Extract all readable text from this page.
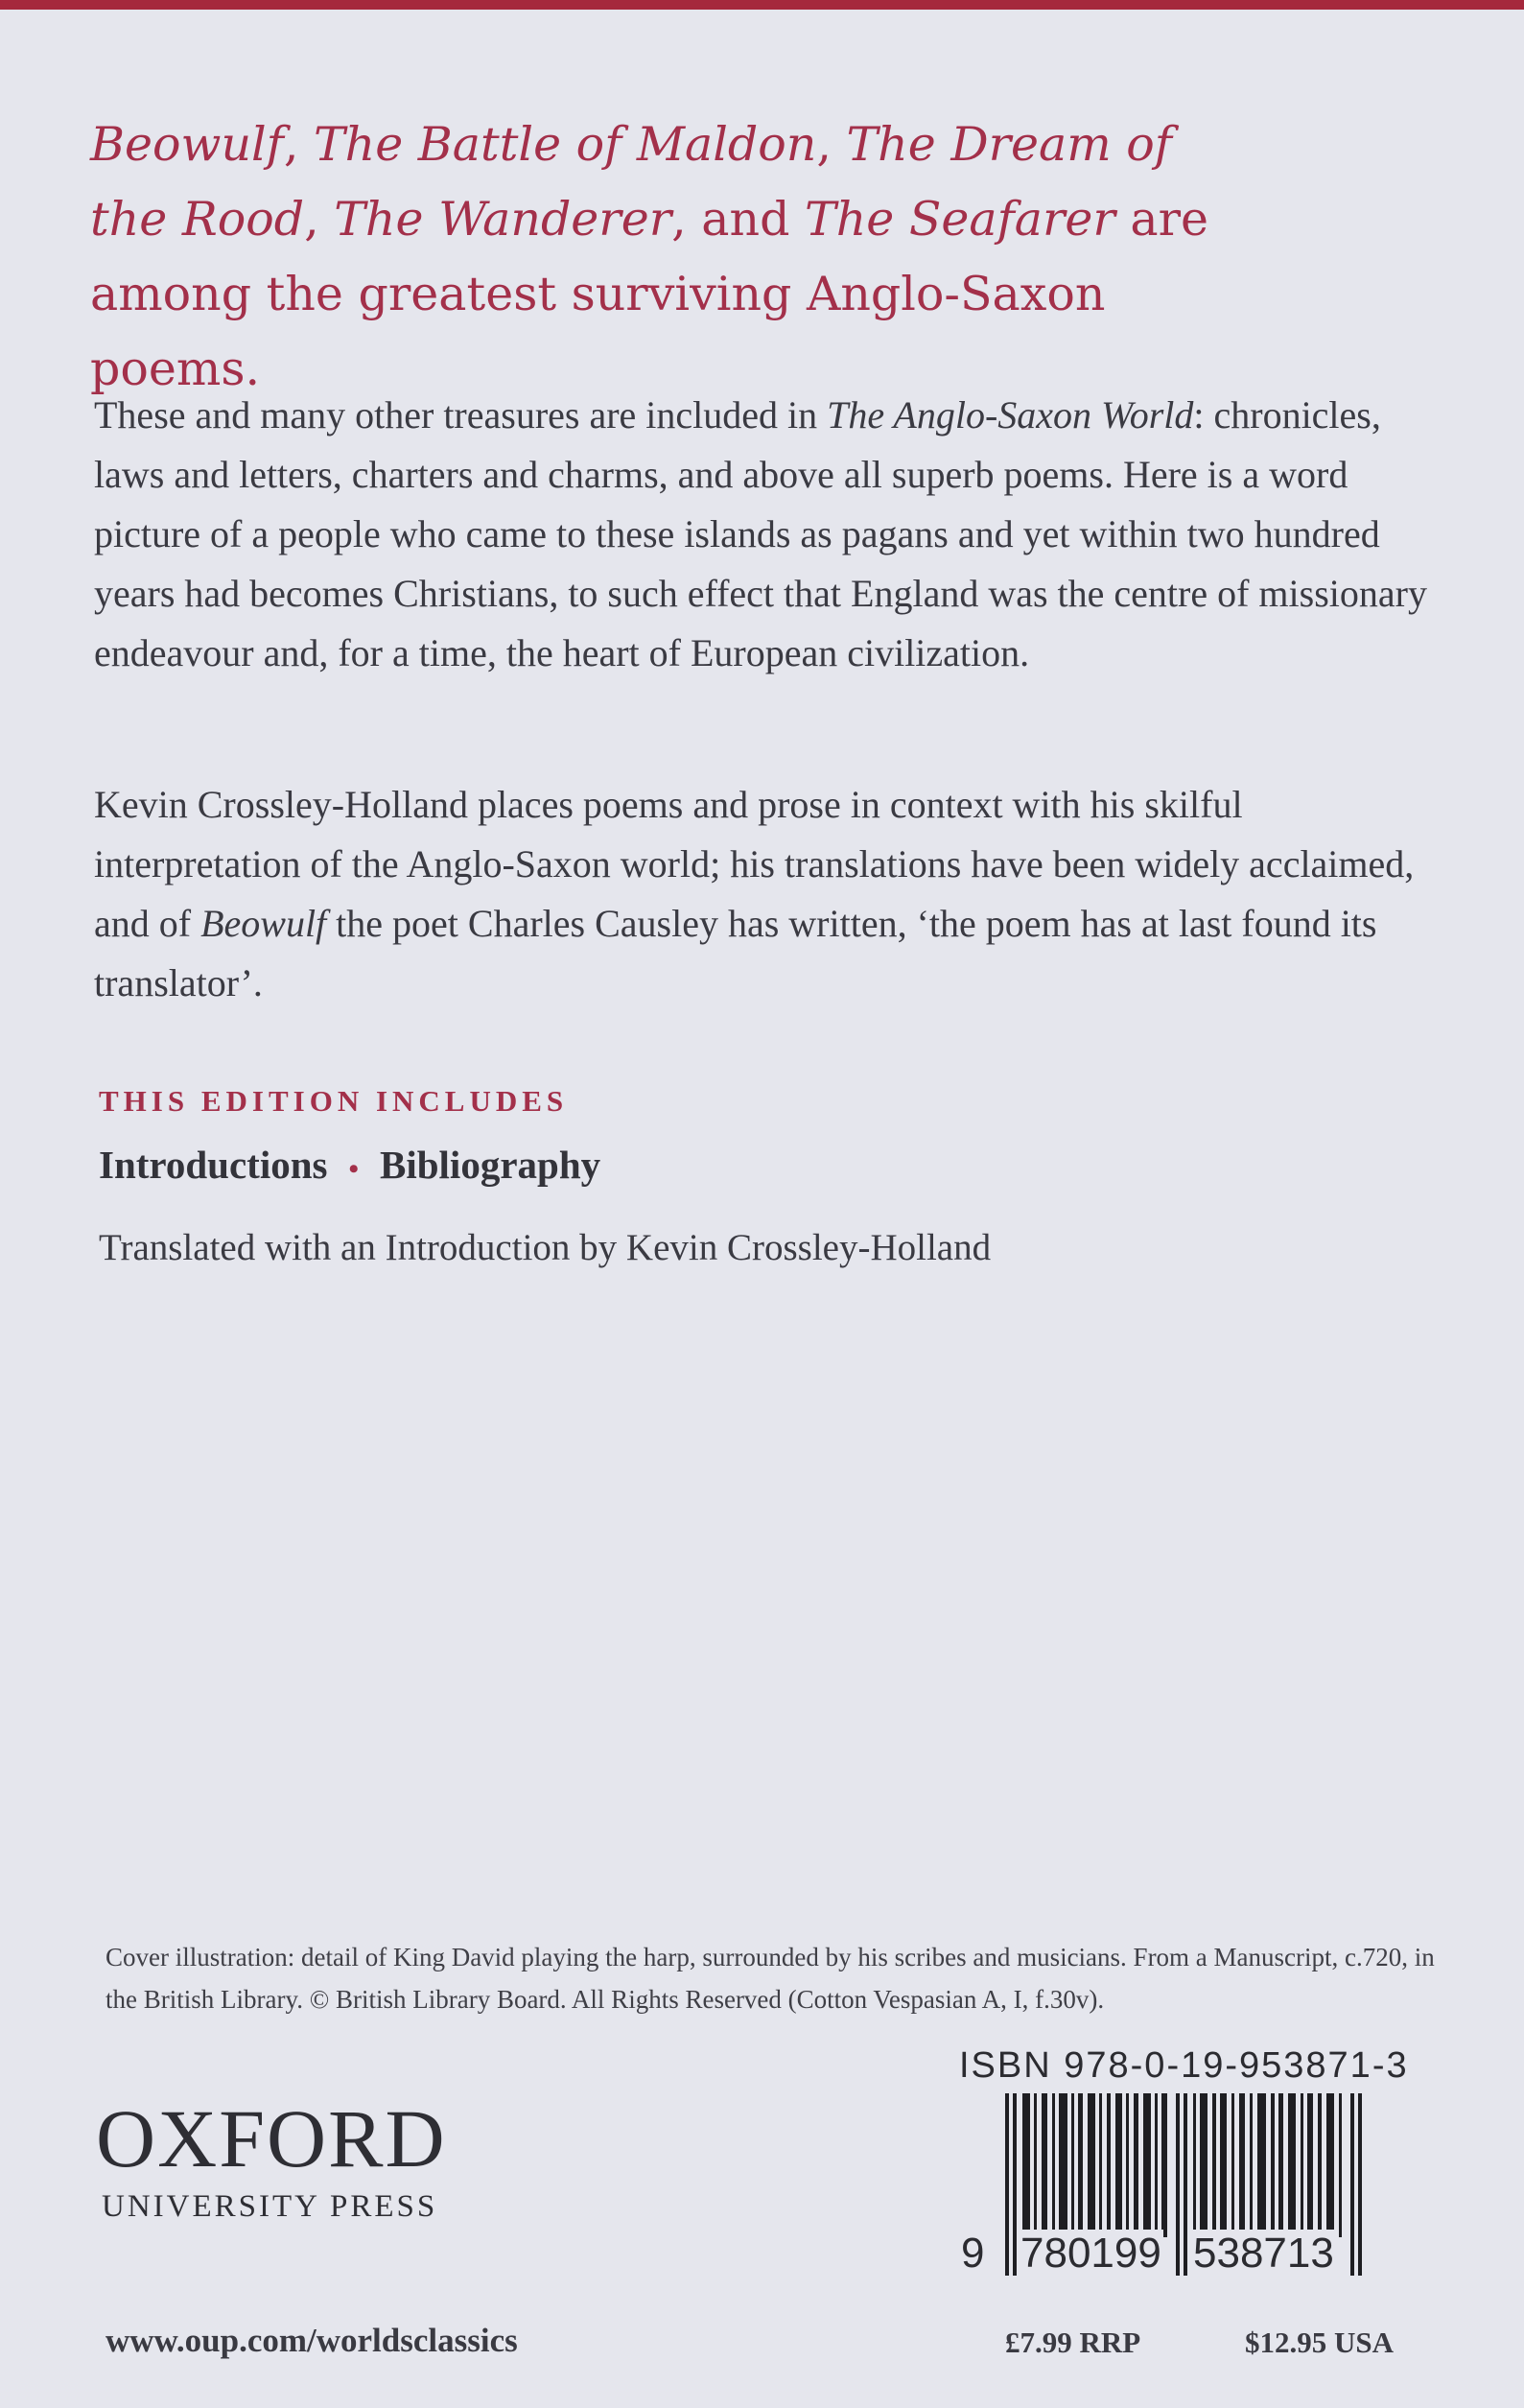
Beowulf, The Battle of Maldon, The Dream of the Rood, The Wanderer, and The Seafarer are among the greatest surviving Anglo-Saxon poems.

These and many other treasures are included in The Anglo-Saxon World: chronicles, laws and letters, charters and charms, and above all superb poems. Here is a word picture of a people who came to these islands as pagans and yet within two hundred years had becomes Christians, to such effect that England was the centre of missionary endeavour and, for a time, the heart of European civilization.

Kevin Crossley-Holland places poems and prose in context with his skilful interpretation of the Anglo-Saxon world; his translations have been widely acclaimed, and of Beowulf the poet Charles Causley has written, ‘the poem has at last found its translator’.

THIS EDITION INCLUDES
Introductions • Bibliography
Translated with an Introduction by Kevin Crossley-Holland
Cover illustration: detail of King David playing the harp, surrounded by his scribes and musicians. From a Manuscript, c.720, in the British Library. © British Library Board. All Rights Reserved (Cotton Vespasian A, I, f.30v).
OXFORD
UNIVERSITY PRESS
ISBN 978-0-19-953871-3
9 780199 538713
www.oup.com/worldsclassics	£7.99 RRP	$12.95 USA
